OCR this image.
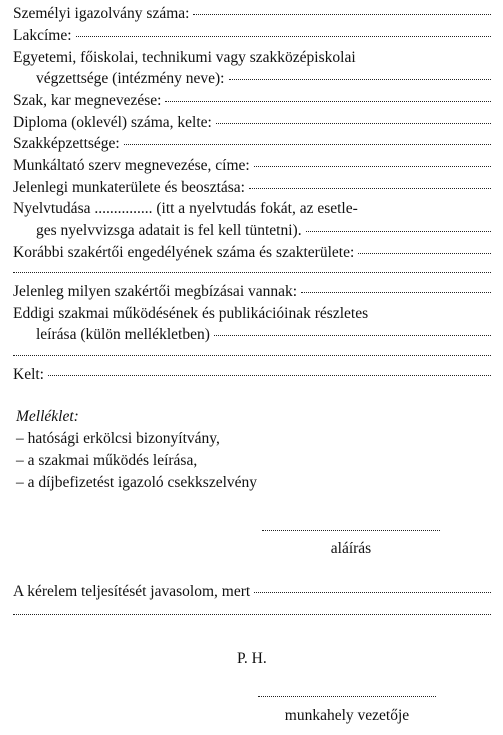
Személyi igazolvány száma:
Lakcíme:
Egyetemi, főiskolai, technikumi vagy szakközépiskolai
végzettsége (intézmény neve):
Szak, kar megnevezése:
Diploma (oklevél) száma, kelte:
Szakképzettsége:
Munkáltató szerv megnevezése, címe:
Jelenlegi munkaterülete és beosztása:
Nyelvtudása ............... (itt a nyelvtudás fokát, az esetle-
ges nyelvvizsga adatait is fel kell tüntetni).
Korábbi szakértői engedélyének száma és szakterülete:
Jelenleg milyen szakértői megbízásai vannak:
Eddigi szakmai működésének és publikációinak részletes
leírása (külön mellékletben)
Kelt:
Melléklet:
– hatósági erkölcsi bizonyítvány,
– a szakmai működés leírása,
– a díjbefizetést igazoló csekkszelvény
aláírás
A kérelem teljesítését javasolom, mert
P. H.
munkahely vezetője
